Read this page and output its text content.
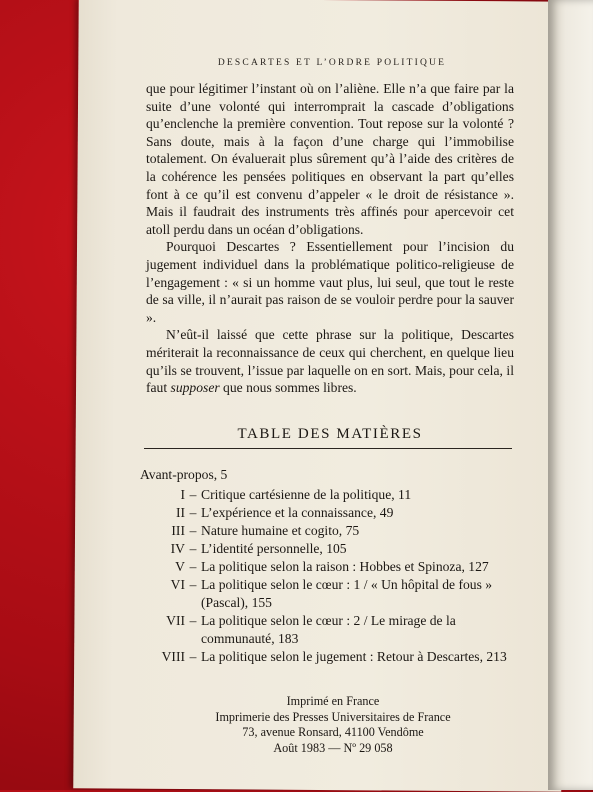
DESCARTES ET L’ORDRE POLITIQUE

que pour légitimer l’instant où on l’aliène. Elle n’a que faire par la suite d’une volonté qui interromprait la cascade d’obligations qu’enclenche la première convention. Tout repose sur la volonté ? Sans doute, mais à la façon d’une charge qui l’immobilise totalement. On évaluerait plus sûrement qu’à l’aide des critères de la cohérence les pensées politiques en observant la part qu’elles font à ce qu’il est convenu d’appeler « le droit de résistance ». Mais il faudrait des instruments très affinés pour apercevoir cet atoll perdu dans un océan d’obligations.

Pourquoi Descartes ? Essentiellement pour l’incision du jugement individuel dans la problématique politico-religieuse de l’engagement : « si un homme vaut plus, lui seul, que tout le reste de sa ville, il n’aurait pas raison de se vouloir perdre pour la sauver ».

N’eût-il laissé que cette phrase sur la politique, Descartes mériterait la reconnaissance de ceux qui cherchent, en quelque lieu qu’ils se trouvent, l’issue par laquelle on en sort. Mais, pour cela, il faut supposer que nous sommes libres.

TABLE DES MATIÈRES
Avant-propos, 5
I – Critique cartésienne de la politique, 11
II – L’expérience et la connaissance, 49
III – Nature humaine et cogito, 75
IV – L’identité personnelle, 105
V – La politique selon la raison : Hobbes et Spinoza, 127
VI – La politique selon le cœur : 1 / « Un hôpital de fous » (Pascal), 155
VII – La politique selon le cœur : 2 / Le mirage de la communauté, 183
VIII – La politique selon le jugement : Retour à Descartes, 213
Imprimé en France
Imprimerie des Presses Universitaires de France
73, avenue Ronsard, 41100 Vendôme
Août 1983 — Nº 29 058
